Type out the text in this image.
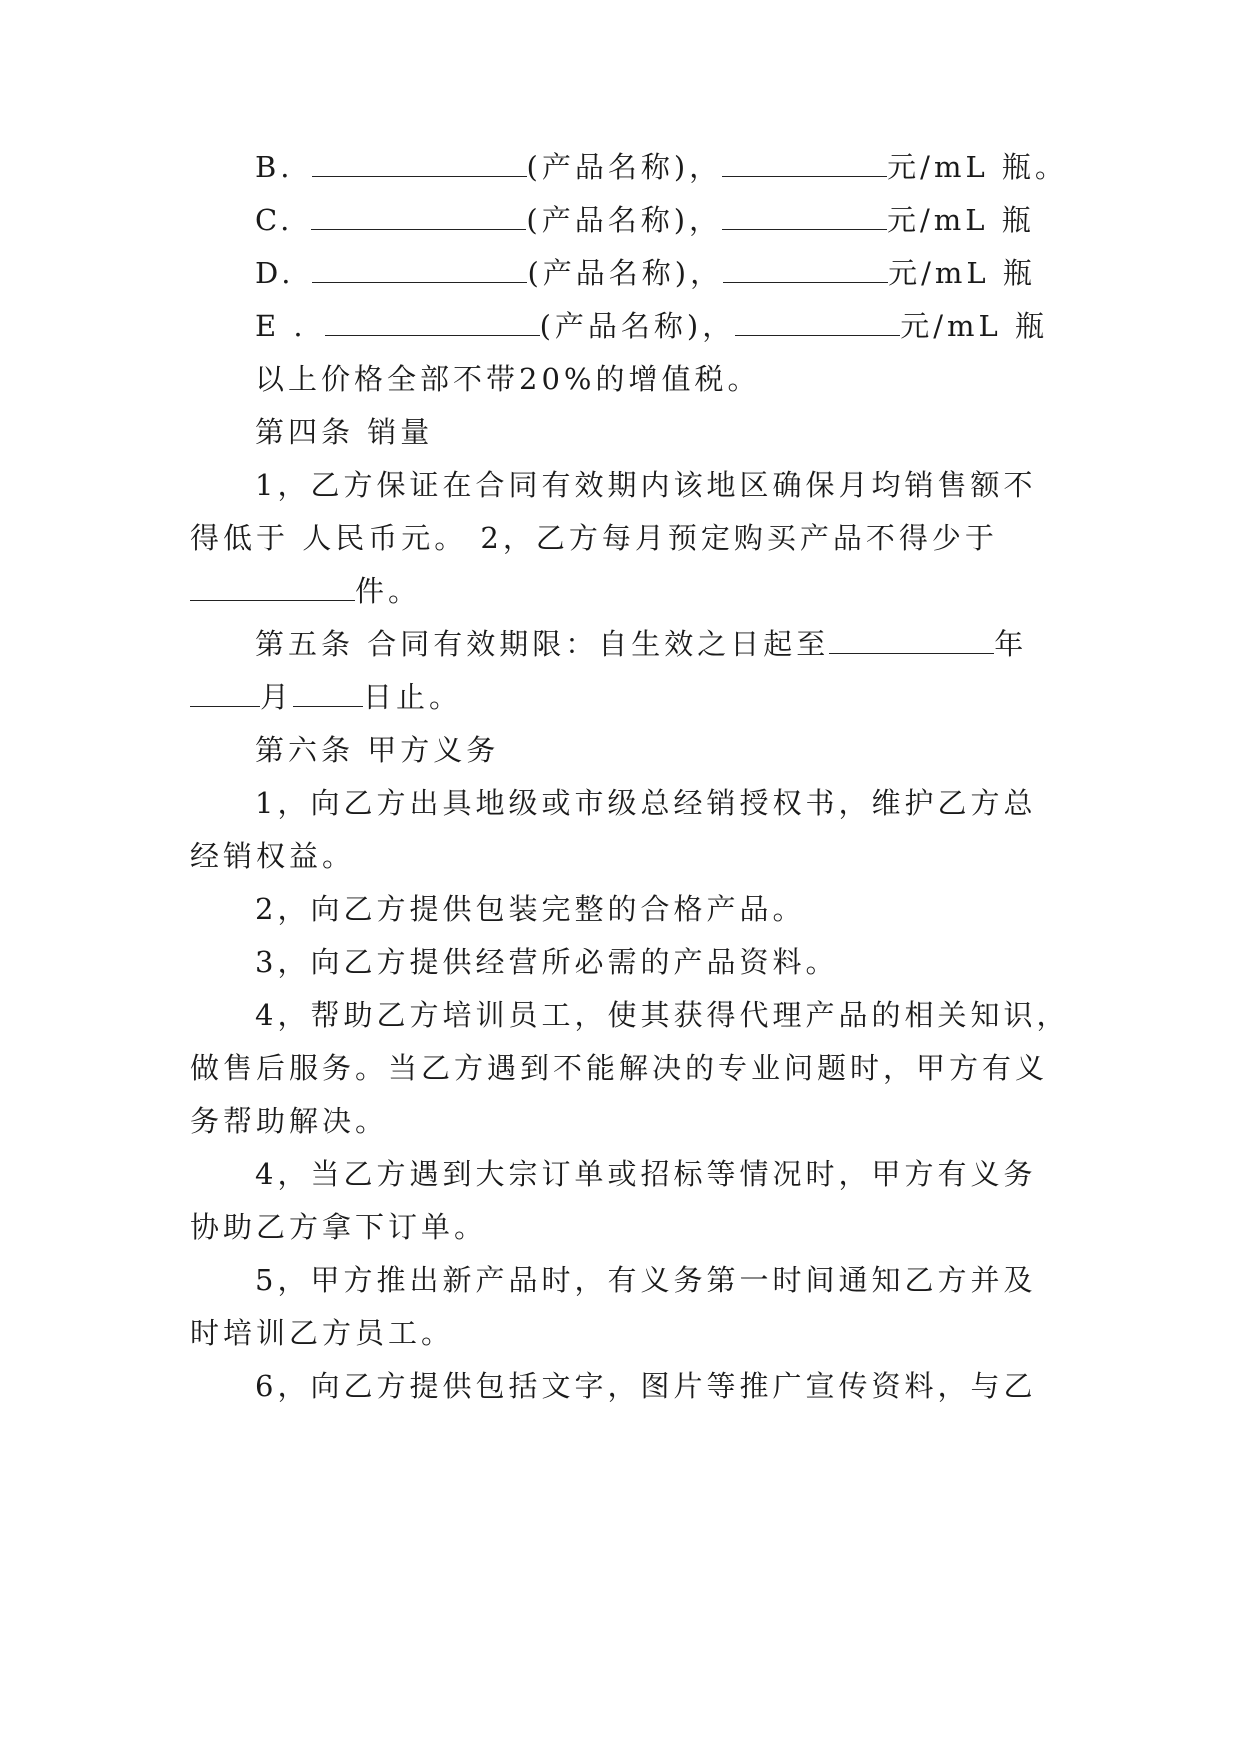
B.	(产品名称)，	元/mL 瓶。
C.	(产品名称)，	元/mL 瓶
D.	(产品名称)，	元/mL 瓶
E .	(产品名称)，	元/mL 瓶
以上价格全部不带20%的增值税。
第四条 销量
1，乙方保证在合同有效期内该地区确保月均销售额不
得低于 人民币元。 2，乙方每月预定购买产品不得少于
件。
第五条 合同有效期限：自生效之日起至	年
月 日止。
第六条 甲方义务
1，向乙方出具地级或市级总经销授权书，维护乙方总
经销权益。
2，向乙方提供包装完整的合格产品。
3，向乙方提供经营所必需的产品资料。
4，帮助乙方培训员工，使其获得代理产品的相关知识，
做售后服务。当乙方遇到不能解决的专业问题时，甲方有义
务帮助解决。
4，当乙方遇到大宗订单或招标等情况时，甲方有义务
协助乙方拿下订单。
5，甲方推出新产品时，有义务第一时间通知乙方并及
时培训乙方员工。
6，向乙方提供包括文字，图片等推广宣传资料，与乙
